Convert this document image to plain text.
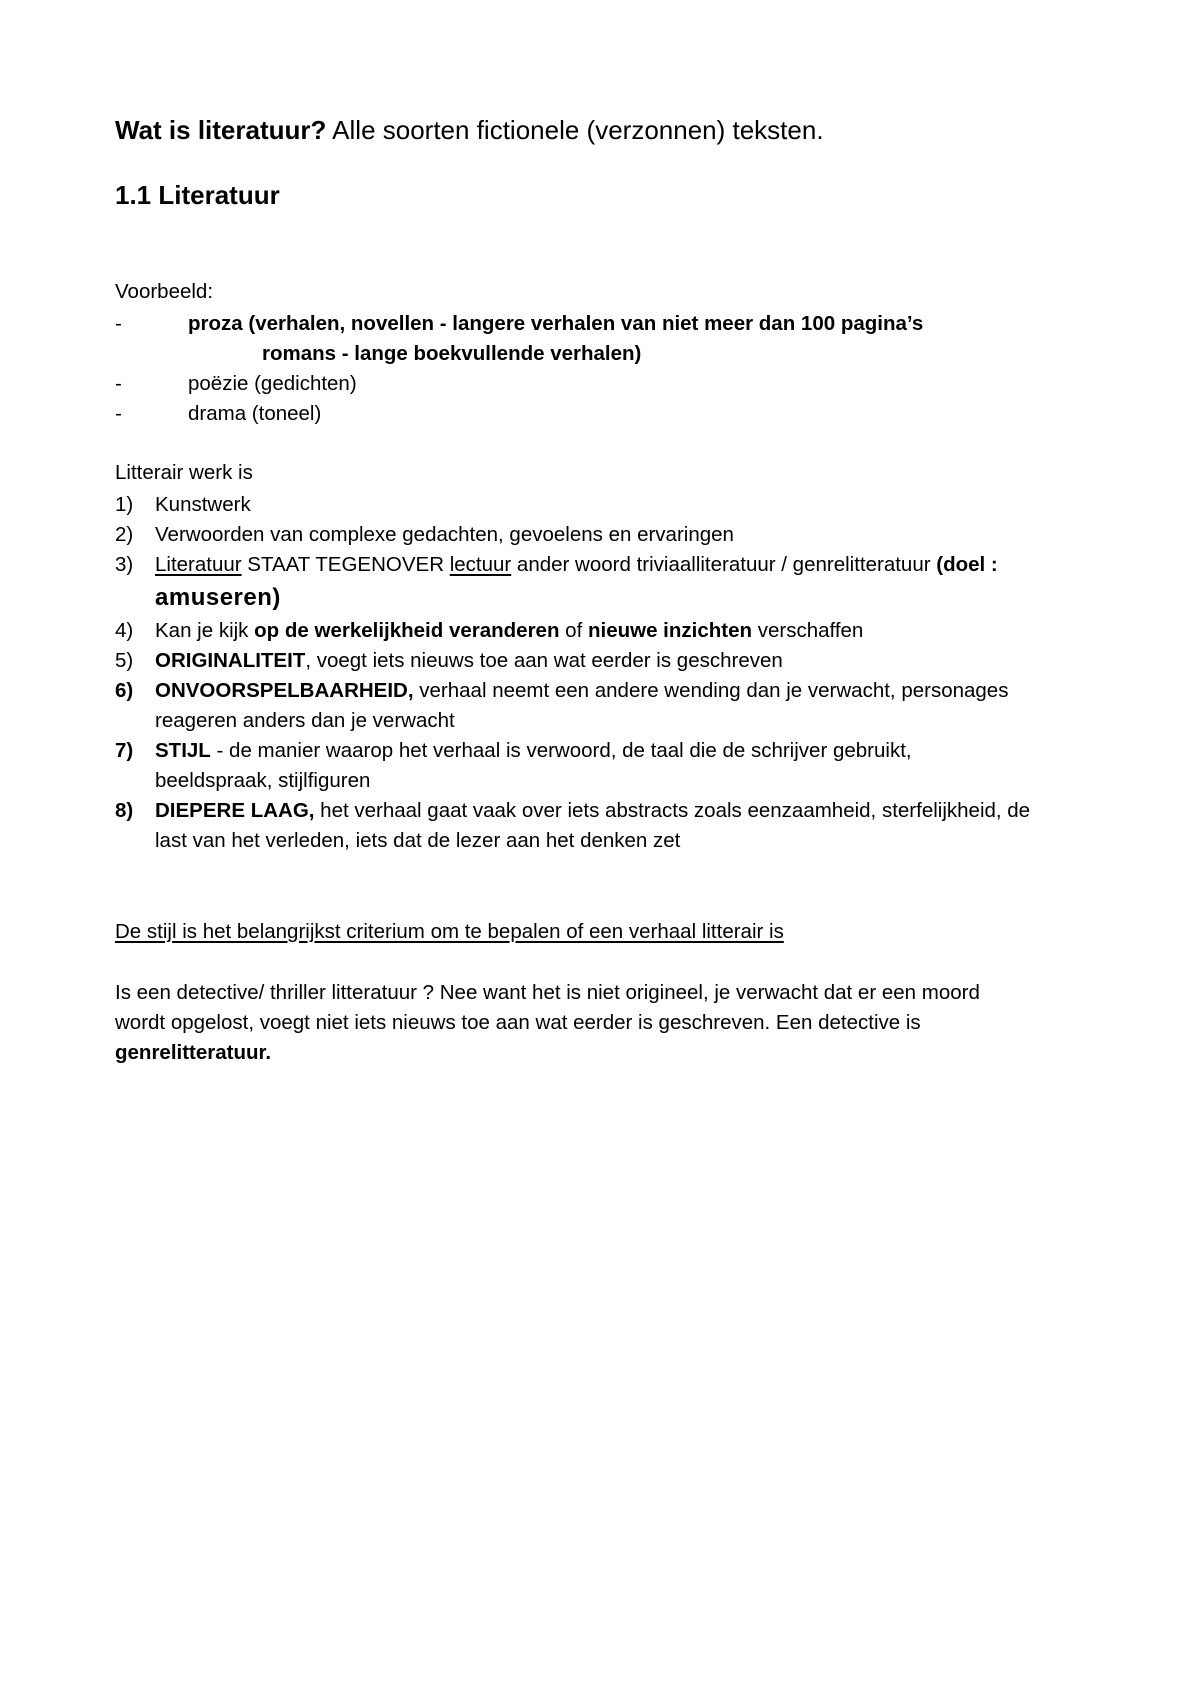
Wat is literatuur? Alle soorten fictionele (verzonnen) teksten.
1.1 Literatuur
Voorbeeld:
-	proza (verhalen, novellen - langere verhalen van niet meer dan 100 pagina’s
romans - lange boekvullende verhalen)
-	poëzie (gedichten)
-	drama (toneel)
Litterair werk is
1) Kunstwerk
2) Verwoorden van complexe gedachten, gevoelens en ervaringen
3) Literatuur STAAT TEGENOVER lectuur ander woord triviaalliteratuur / genrelitteratuur (doel :
amuseren)
4) Kan je kijk op de werkelijkheid veranderen of nieuwe inzichten verschaffen
5) ORIGINALITEIT, voegt iets nieuws toe aan wat eerder is geschreven
6) ONVOORSPELBAARHEID, verhaal neemt een andere wending dan je verwacht, personages
reageren anders dan je verwacht
7) STIJL - de manier waarop het verhaal is verwoord, de taal die de schrijver gebruikt,
beeldspraak, stijlfiguren
8) DIEPERE LAAG, het verhaal gaat vaak over iets abstracts zoals eenzaamheid, sterfelijkheid, de
last van het verleden, iets dat de lezer aan het denken zet
De stijl is het belangrijkst criterium om te bepalen of een verhaal litterair is
Is een detective/ thriller litteratuur ? Nee want het is niet origineel, je verwacht dat er een moord
wordt opgelost, voegt niet iets nieuws toe aan wat eerder is geschreven. Een detective is
genrelitteratuur.
